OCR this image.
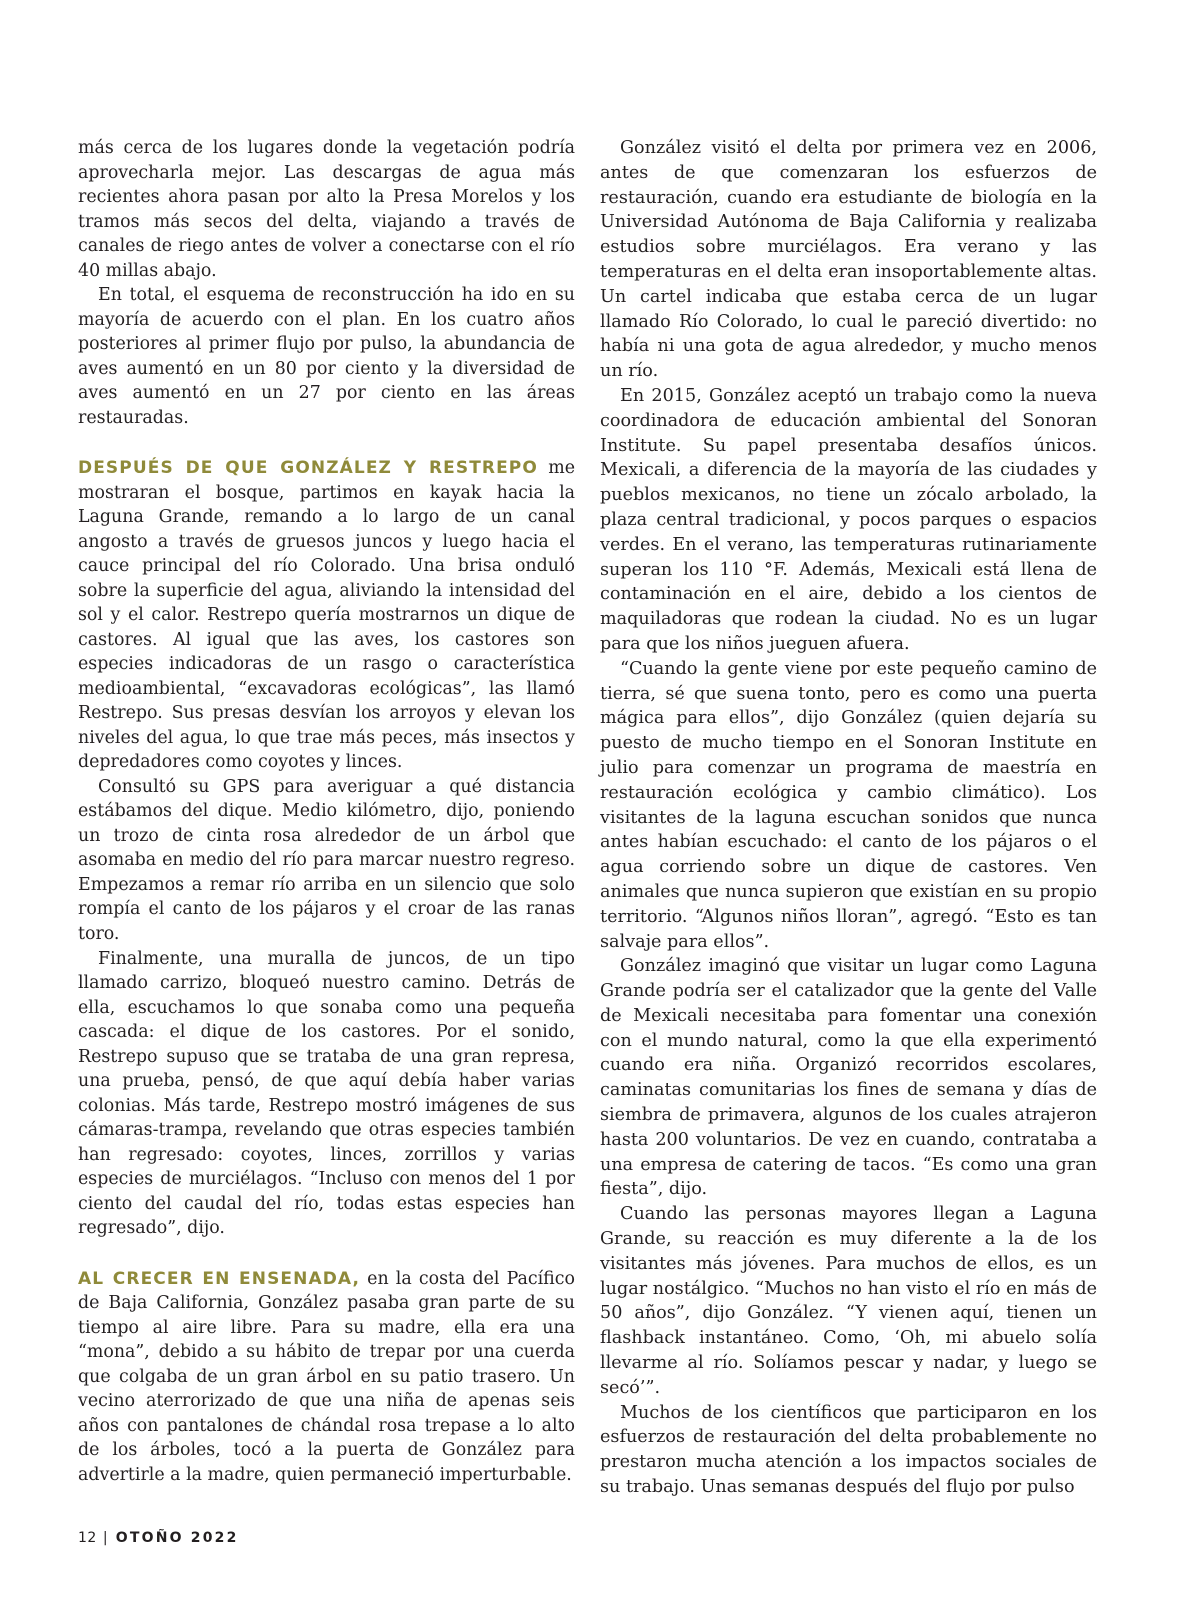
más cerca de los lugares donde la vegetación podría aprovecharla mejor. Las descargas de agua más recientes ahora pasan por alto la Presa Morelos y los tramos más secos del delta, viajando a través de canales de riego antes de volver a conectarse con el río 40 millas abajo.

En total, el esquema de reconstrucción ha ido en su mayoría de acuerdo con el plan. En los cuatro años posteriores al primer flujo por pulso, la abundancia de aves aumentó en un 80 por ciento y la diversidad de aves aumentó en un 27 por ciento en las áreas restauradas.

DESPUÉS DE QUE GONZÁLEZ Y RESTREPO me mostraran el bosque, partimos en kayak hacia la Laguna Grande, remando a lo largo de un canal angosto a través de gruesos juncos y luego hacia el cauce principal del río Colorado. Una brisa onduló sobre la superficie del agua, aliviando la intensidad del sol y el calor. Restrepo quería mostrarnos un dique de castores. Al igual que las aves, los castores son especies indicadoras de un rasgo o característica medioambiental, “excavadoras ecológicas”, las llamó Restrepo. Sus presas desvían los arroyos y elevan los niveles del agua, lo que trae más peces, más insectos y depredadores como coyotes y linces.

Consultó su GPS para averiguar a qué distancia estábamos del dique. Medio kilómetro, dijo, poniendo un trozo de cinta rosa alrededor de un árbol que asomaba en medio del río para marcar nuestro regreso. Empezamos a remar río arriba en un silencio que solo rompía el canto de los pájaros y el croar de las ranas toro.

Finalmente, una muralla de juncos, de un tipo llamado carrizo, bloqueó nuestro camino. Detrás de ella, escuchamos lo que sonaba como una pequeña cascada: el dique de los castores. Por el sonido, Restrepo supuso que se trataba de una gran represa, una prueba, pensó, de que aquí debía haber varias colonias. Más tarde, Restrepo mostró imágenes de sus cámaras-trampa, revelando que otras especies también han regresado: coyotes, linces, zorrillos y varias especies de murciélagos. “Incluso con menos del 1 por ciento del caudal del río, todas estas especies han regresado”, dijo.

AL CRECER EN ENSENADA, en la costa del Pacífico de Baja California, González pasaba gran parte de su tiempo al aire libre. Para su madre, ella era una “mona”, debido a su hábito de trepar por una cuerda que colgaba de un gran árbol en su patio trasero. Un vecino aterrorizado de que una niña de apenas seis años con pantalones de chándal rosa trepase a lo alto de los árboles, tocó a la puerta de González para advertirle a la madre, quien permaneció imperturbable.

González visitó el delta por primera vez en 2006, antes de que comenzaran los esfuerzos de restauración, cuando era estudiante de biología en la Universidad Autónoma de Baja California y realizaba estudios sobre murciélagos. Era verano y las temperaturas en el delta eran insoportablemente altas. Un cartel indicaba que estaba cerca de un lugar llamado Río Colorado, lo cual le pareció divertido: no había ni una gota de agua alrededor, y mucho menos un río.

En 2015, González aceptó un trabajo como la nueva coordinadora de educación ambiental del Sonoran Institute. Su papel presentaba desafíos únicos. Mexicali, a diferencia de la mayoría de las ciudades y pueblos mexicanos, no tiene un zócalo arbolado, la plaza central tradicional, y pocos parques o espacios verdes. En el verano, las temperaturas rutinariamente superan los 110 °F. Además, Mexicali está llena de contaminación en el aire, debido a los cientos de maquiladoras que rodean la ciudad. No es un lugar para que los niños jueguen afuera.

“Cuando la gente viene por este pequeño camino de tierra, sé que suena tonto, pero es como una puerta mágica para ellos”, dijo González (quien dejaría su puesto de mucho tiempo en el Sonoran Institute en julio para comenzar un programa de maestría en restauración ecológica y cambio climático). Los visitantes de la laguna escuchan sonidos que nunca antes habían escuchado: el canto de los pájaros o el agua corriendo sobre un dique de castores. Ven animales que nunca supieron que existían en su propio territorio. “Algunos niños lloran”, agregó. “Esto es tan salvaje para ellos”.

González imaginó que visitar un lugar como Laguna Grande podría ser el catalizador que la gente del Valle de Mexicali necesitaba para fomentar una conexión con el mundo natural, como la que ella experimentó cuando era niña. Organizó recorridos escolares, caminatas comunitarias los fines de semana y días de siembra de primavera, algunos de los cuales atrajeron hasta 200 voluntarios. De vez en cuando, contrataba a una empresa de catering de tacos. “Es como una gran fiesta”, dijo.

Cuando las personas mayores llegan a Laguna Grande, su reacción es muy diferente a la de los visitantes más jóvenes. Para muchos de ellos, es un lugar nostálgico. “Muchos no han visto el río en más de 50 años”, dijo González. “Y vienen aquí, tienen un flashback instantáneo. Como, ‘Oh, mi abuelo solía llevarme al río. Solíamos pescar y nadar, y luego se secó’”.

Muchos de los científicos que participaron en los esfuerzos de restauración del delta probablemente no prestaron mucha atención a los impactos sociales de su trabajo. Unas semanas después del flujo por pulso

12 | OTOÑO 2022
